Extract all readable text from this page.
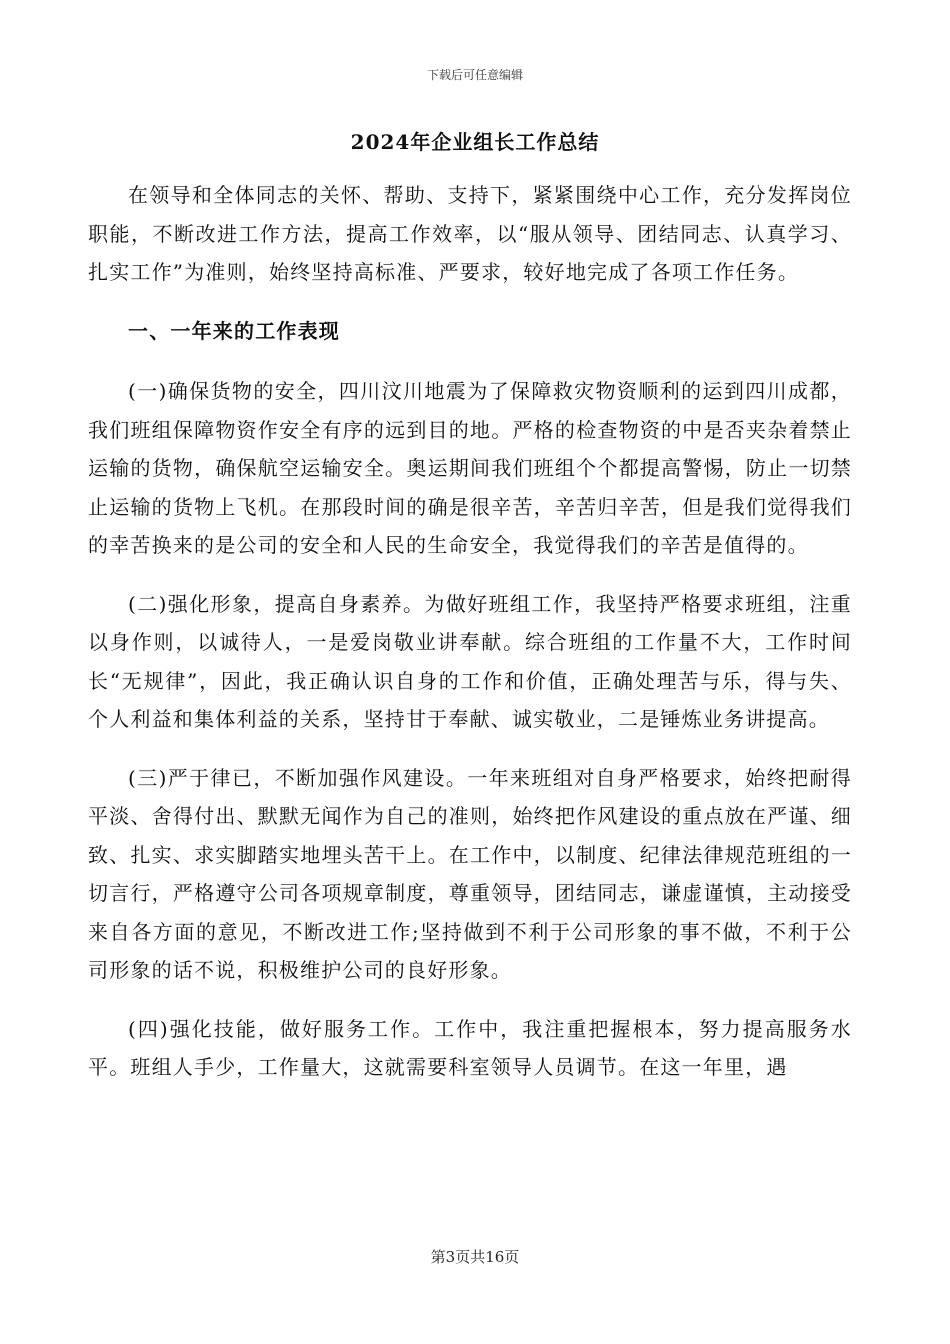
下载后可任意编辑
2024年企业组长工作总结

在领导和全体同志的关怀、帮助、支持下，紧紧围绕中心工作，充分发挥岗位职能，不断改进工作方法，提高工作效率，以“服从领导、团结同志、认真学习、扎实工作”为准则，始终坚持高标准、严要求，较好地完成了各项工作任务。

一、一年来的工作表现

(一)确保货物的安全，四川汶川地震为了保障救灾物资顺利的运到四川成都，我们班组保障物资作安全有序的远到目的地。严格的检查物资的中是否夹杂着禁止运输的货物，确保航空运输安全。奥运期间我们班组个个都提高警惕，防止一切禁止运输的货物上飞机。在那段时间的确是很辛苦，辛苦归辛苦，但是我们觉得我们的幸苦换来的是公司的安全和人民的生命安全，我觉得我们的辛苦是值得的。

(二)强化形象，提高自身素养。为做好班组工作，我坚持严格要求班组，注重以身作则，以诚待人，一是爱岗敬业讲奉献。综合班组的工作量不大，工作时间长“无规律”，因此，我正确认识自身的工作和价值，正确处理苦与乐，得与失、个人利益和集体利益的关系，坚持甘于奉献、诚实敬业，二是锤炼业务讲提高。

(三)严于律已，不断加强作风建设。一年来班组对自身严格要求，始终把耐得平淡、舍得付出、默默无闻作为自己的准则，始终把作风建设的重点放在严谨、细致、扎实、求实脚踏实地埋头苦干上。在工作中，以制度、纪律法律规范班组的一切言行，严格遵守公司各项规章制度，尊重领导，团结同志，谦虚谨慎，主动接受来自各方面的意见，不断改进工作;坚持做到不利于公司形象的事不做，不利于公司形象的话不说，积极维护公司的良好形象。

(四)强化技能，做好服务工作。工作中，我注重把握根本，努力提高服务水平。班组人手少，工作量大，这就需要科室领导人员调节。在这一年里，遇

第3页共16页
